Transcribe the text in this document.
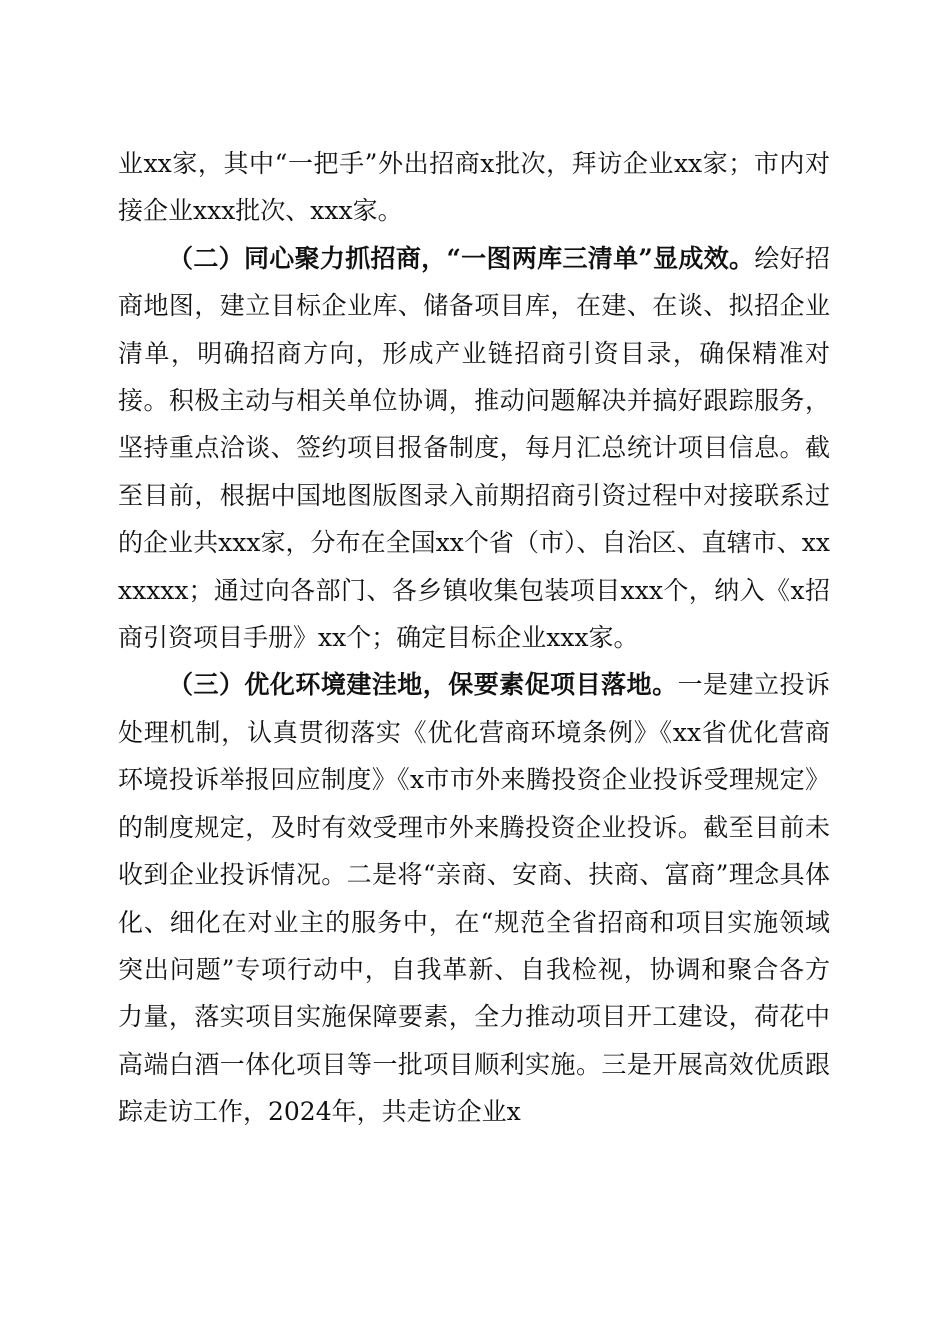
业xx家，其中“一把手”外出招商x批次，拜访企业xx家；市内对接企业xxx批次、xxx家。

（二）同心聚力抓招商，“一图两库三清单”显成效。绘好招商地图，建立目标企业库、储备项目库，在建、在谈、拟招企业清单，明确招商方向，形成产业链招商引资目录，确保精准对接。积极主动与相关单位协调，推动问题解决并搞好跟踪服务，坚持重点洽谈、签约项目报备制度，每月汇总统计项目信息。截至目前，根据中国地图版图录入前期招商引资过程中对接联系过的企业共xxx家，分布在全国xx个省（市）、自治区、直辖市、xxxxxxx；通过向各部门、各乡镇收集包装项目xxx个，纳入《x招商引资项目手册》xx个；确定目标企业xxx家。

（三）优化环境建洼地，保要素促项目落地。一是建立投诉处理机制，认真贯彻落实《优化营商环境条例》《xx省优化营商环境投诉举报回应制度》《x市市外来腾投资企业投诉受理规定》的制度规定，及时有效受理市外来腾投资企业投诉。截至目前未收到企业投诉情况。二是将“亲商、安商、扶商、富商”理念具体化、细化在对业主的服务中，在“规范全省招商和项目实施领域突出问题”专项行动中，自我革新、自我检视，协调和聚合各方力量，落实项目实施保障要素，全力推动项目开工建设，荷花中高端白酒一体化项目等一批项目顺利实施。三是开展高效优质跟踪走访工作，2024年，共走访企业x
